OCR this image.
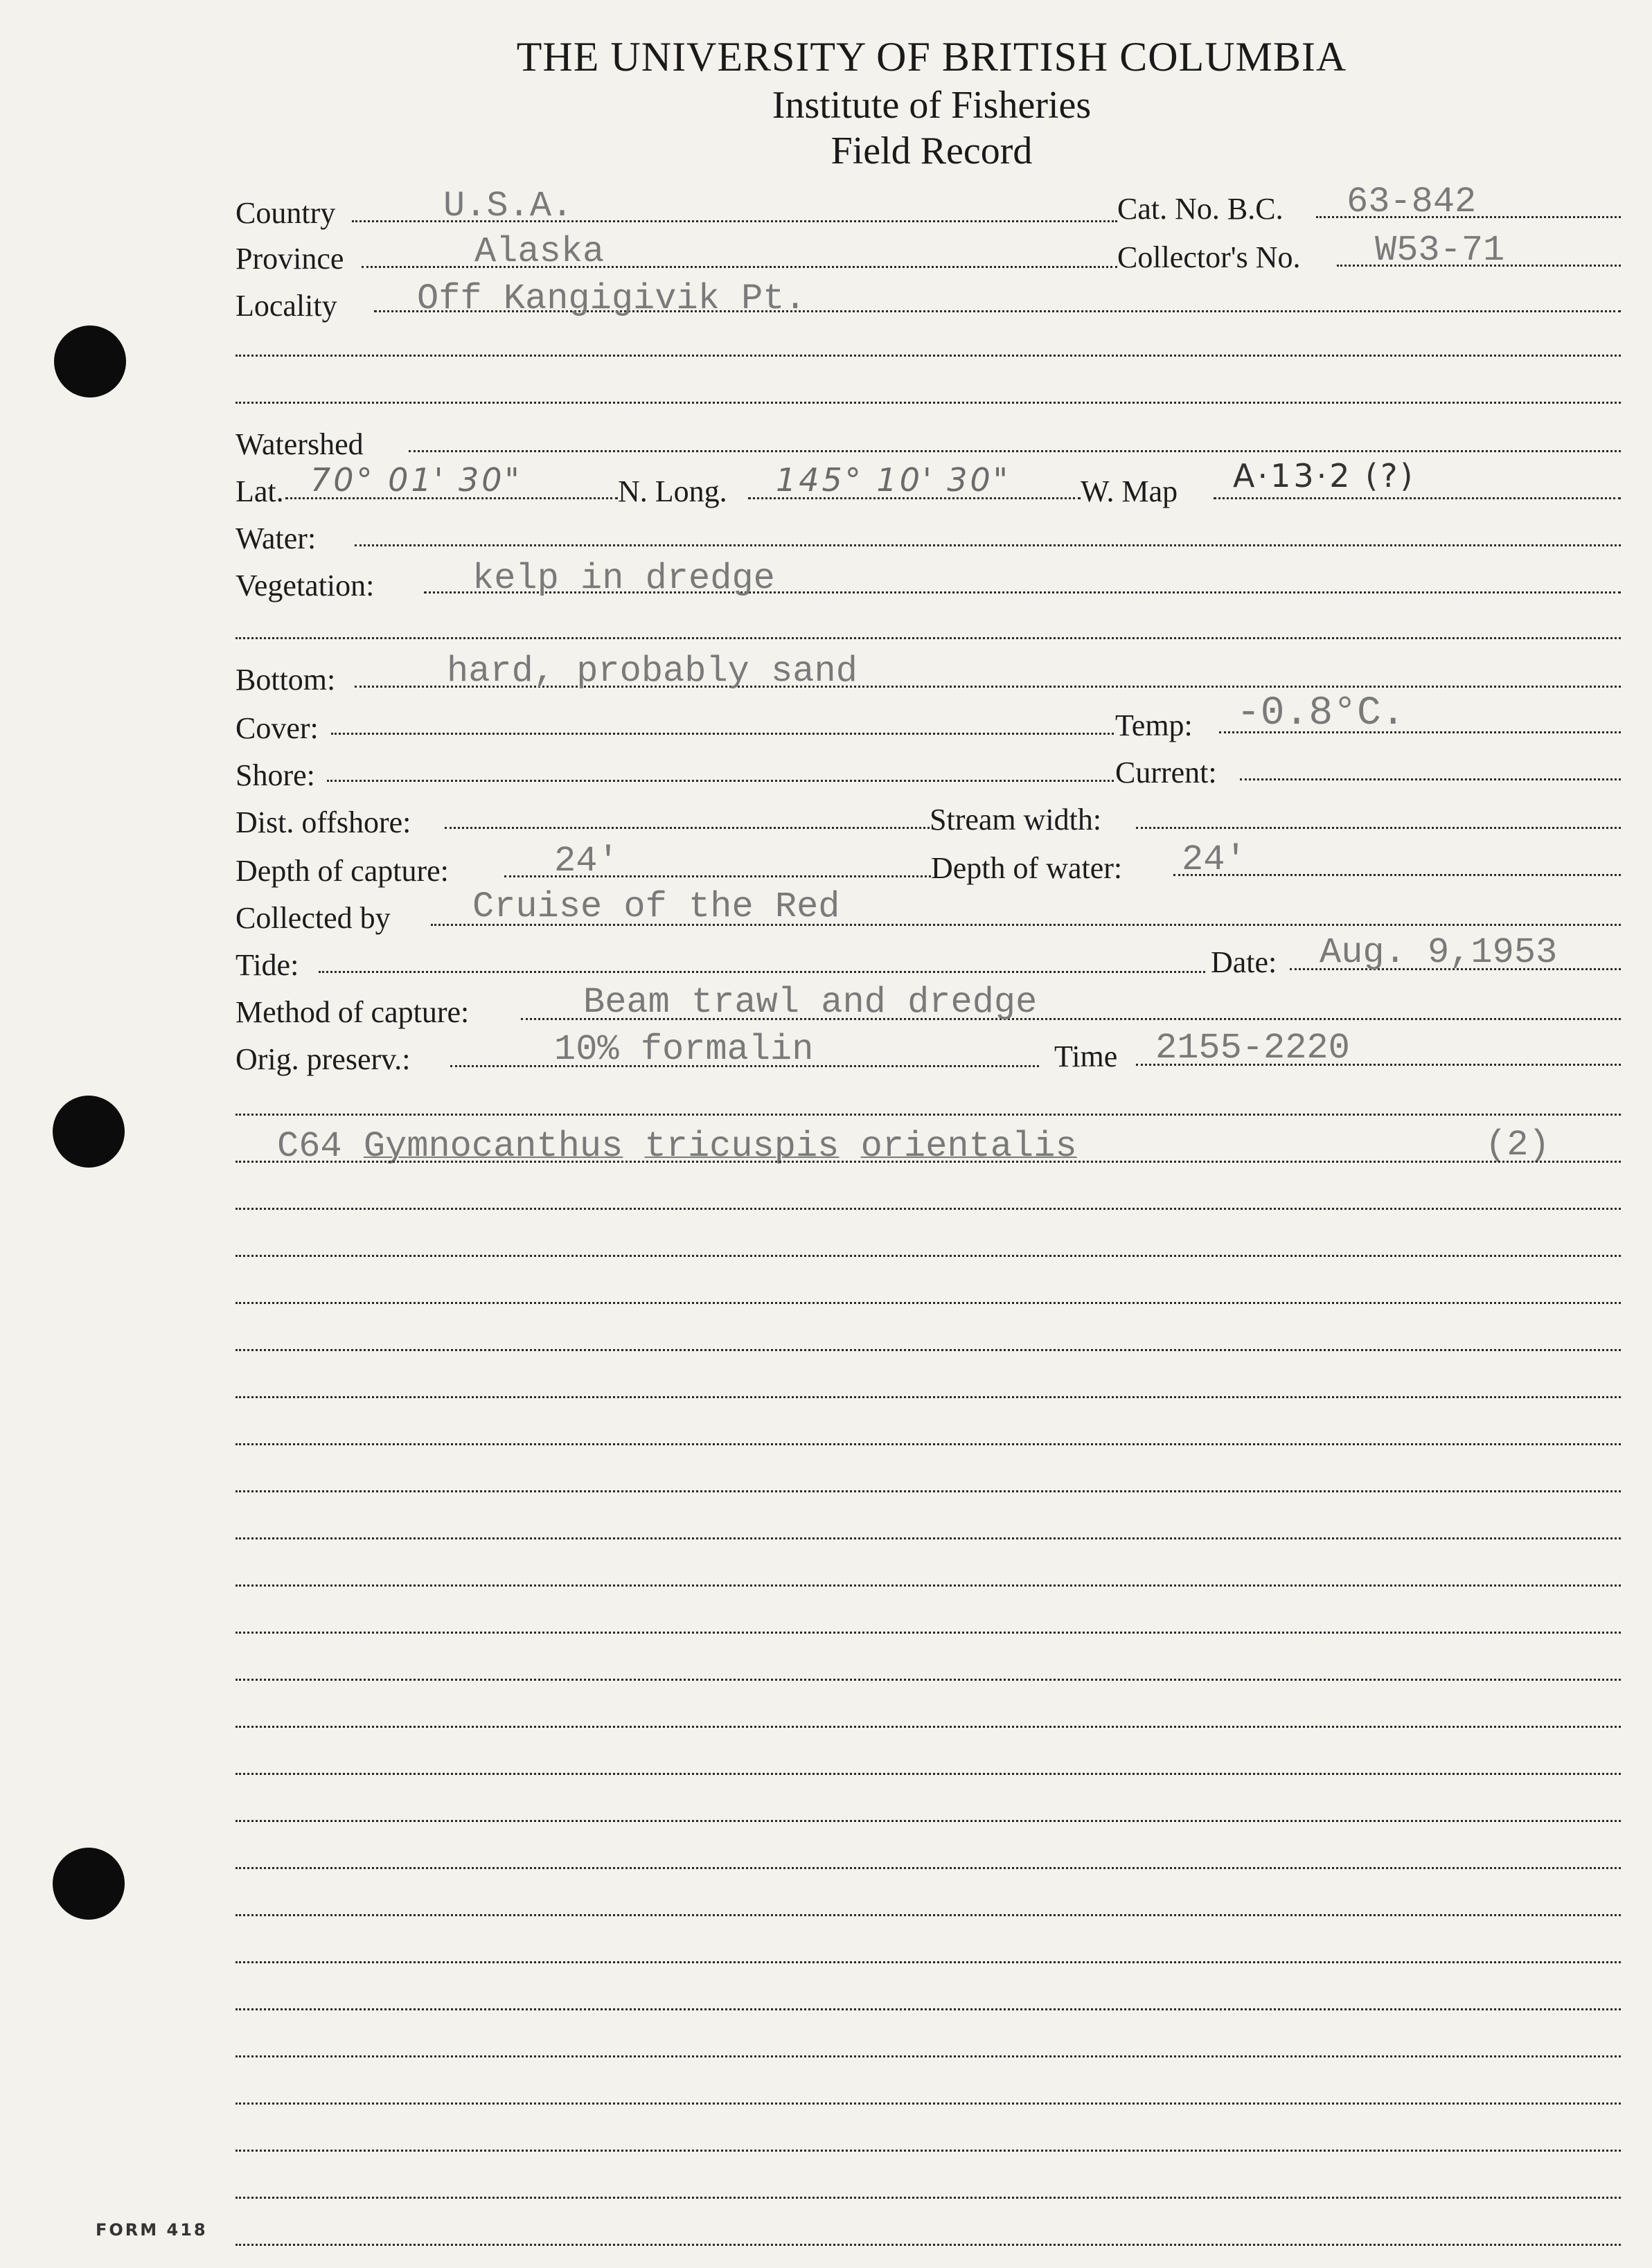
THE UNIVERSITY OF BRITISH COLUMBIA
Institute of Fisheries
Field Record
Country	U.S.A.	Cat. No. B.C. 63-842
Province	Alaska	Collector's No. W53-71
Locality Off Kangigivik Pt.
Watershed
Lat. 70° 01' 30"	N. Long. 145° 10' 30" W. Map A·13·2 (?)
Water:
Vegetation:	kelp in dredge
Bottom:	hard, probably sand
Cover:	Temp: -0.8°C.
Shore:	Current:
Dist. offshore:	Stream width:
Depth of capture:	24'	Depth of water: 24'
Collected by Cruise of the Red
Tide:	Date: Aug. 9,1953
Method of capture:	Beam trawl and dredge
Orig. preserv.:	10% formalin	Time 2155-2220
C64 Gymnocanthus tricuspis orientalis	(2)
FORM 418
